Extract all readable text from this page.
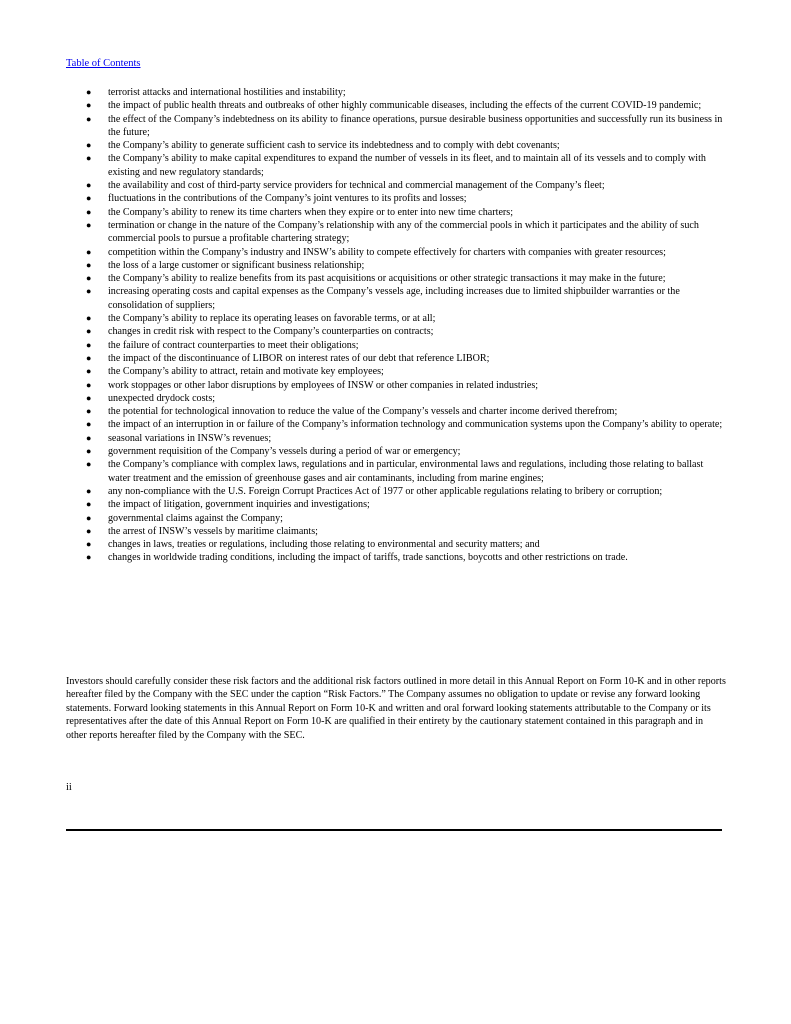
Table of Contents
● terrorist attacks and international hostilities and instability;
● the impact of public health threats and outbreaks of other highly communicable diseases, including the effects of the current COVID-19 pandemic;
● the effect of the Company’s indebtedness on its ability to finance operations, pursue desirable business opportunities and successfully run its business in the future;
● the Company’s ability to generate sufficient cash to service its indebtedness and to comply with debt covenants;
● the Company’s ability to make capital expenditures to expand the number of vessels in its fleet, and to maintain all of its vessels and to comply with existing and new regulatory standards;
● the availability and cost of third-party service providers for technical and commercial management of the Company’s fleet;
● fluctuations in the contributions of the Company’s joint ventures to its profits and losses;
● the Company’s ability to renew its time charters when they expire or to enter into new time charters;
● termination or change in the nature of the Company’s relationship with any of the commercial pools in which it participates and the ability of such commercial pools to pursue a profitable chartering strategy;
● competition within the Company’s industry and INSW’s ability to compete effectively for charters with companies with greater resources;
● the loss of a large customer or significant business relationship;
● the Company’s ability to realize benefits from its past acquisitions or acquisitions or other strategic transactions it may make in the future;
● increasing operating costs and capital expenses as the Company’s vessels age, including increases due to limited shipbuilder warranties or the consolidation of suppliers;
● the Company’s ability to replace its operating leases on favorable terms, or at all;
● changes in credit risk with respect to the Company’s counterparties on contracts;
● the failure of contract counterparties to meet their obligations;
● the impact of the discontinuance of LIBOR on interest rates of our debt that reference LIBOR;
● the Company’s ability to attract, retain and motivate key employees;
● work stoppages or other labor disruptions by employees of INSW or other companies in related industries;
● unexpected drydock costs;
● the potential for technological innovation to reduce the value of the Company’s vessels and charter income derived therefrom;
● the impact of an interruption in or failure of the Company’s information technology and communication systems upon the Company’s ability to operate;
● seasonal variations in INSW’s revenues;
● government requisition of the Company’s vessels during a period of war or emergency;
● the Company’s compliance with complex laws, regulations and in particular, environmental laws and regulations, including those relating to ballast water treatment and the emission of greenhouse gases and air contaminants, including from marine engines;
● any non-compliance with the U.S. Foreign Corrupt Practices Act of 1977 or other applicable regulations relating to bribery or corruption;
● the impact of litigation, government inquiries and investigations;
● governmental claims against the Company;
● the arrest of INSW’s vessels by maritime claimants;
● changes in laws, treaties or regulations, including those relating to environmental and security matters; and
● changes in worldwide trading conditions, including the impact of tariffs, trade sanctions, boycotts and other restrictions on trade.

Investors should carefully consider these risk factors and the additional risk factors outlined in more detail in this Annual Report on Form 10-K and in other reports hereafter filed by the Company with the SEC under the caption “Risk Factors.” The Company assumes no obligation to update or revise any forward looking statements. Forward looking statements in this Annual Report on Form 10-K and written and oral forward looking statements attributable to the Company or its representatives after the date of this Annual Report on Form 10-K are qualified in their entirety by the cautionary statement contained in this paragraph and in other reports hereafter filed by the Company with the SEC.

ii
